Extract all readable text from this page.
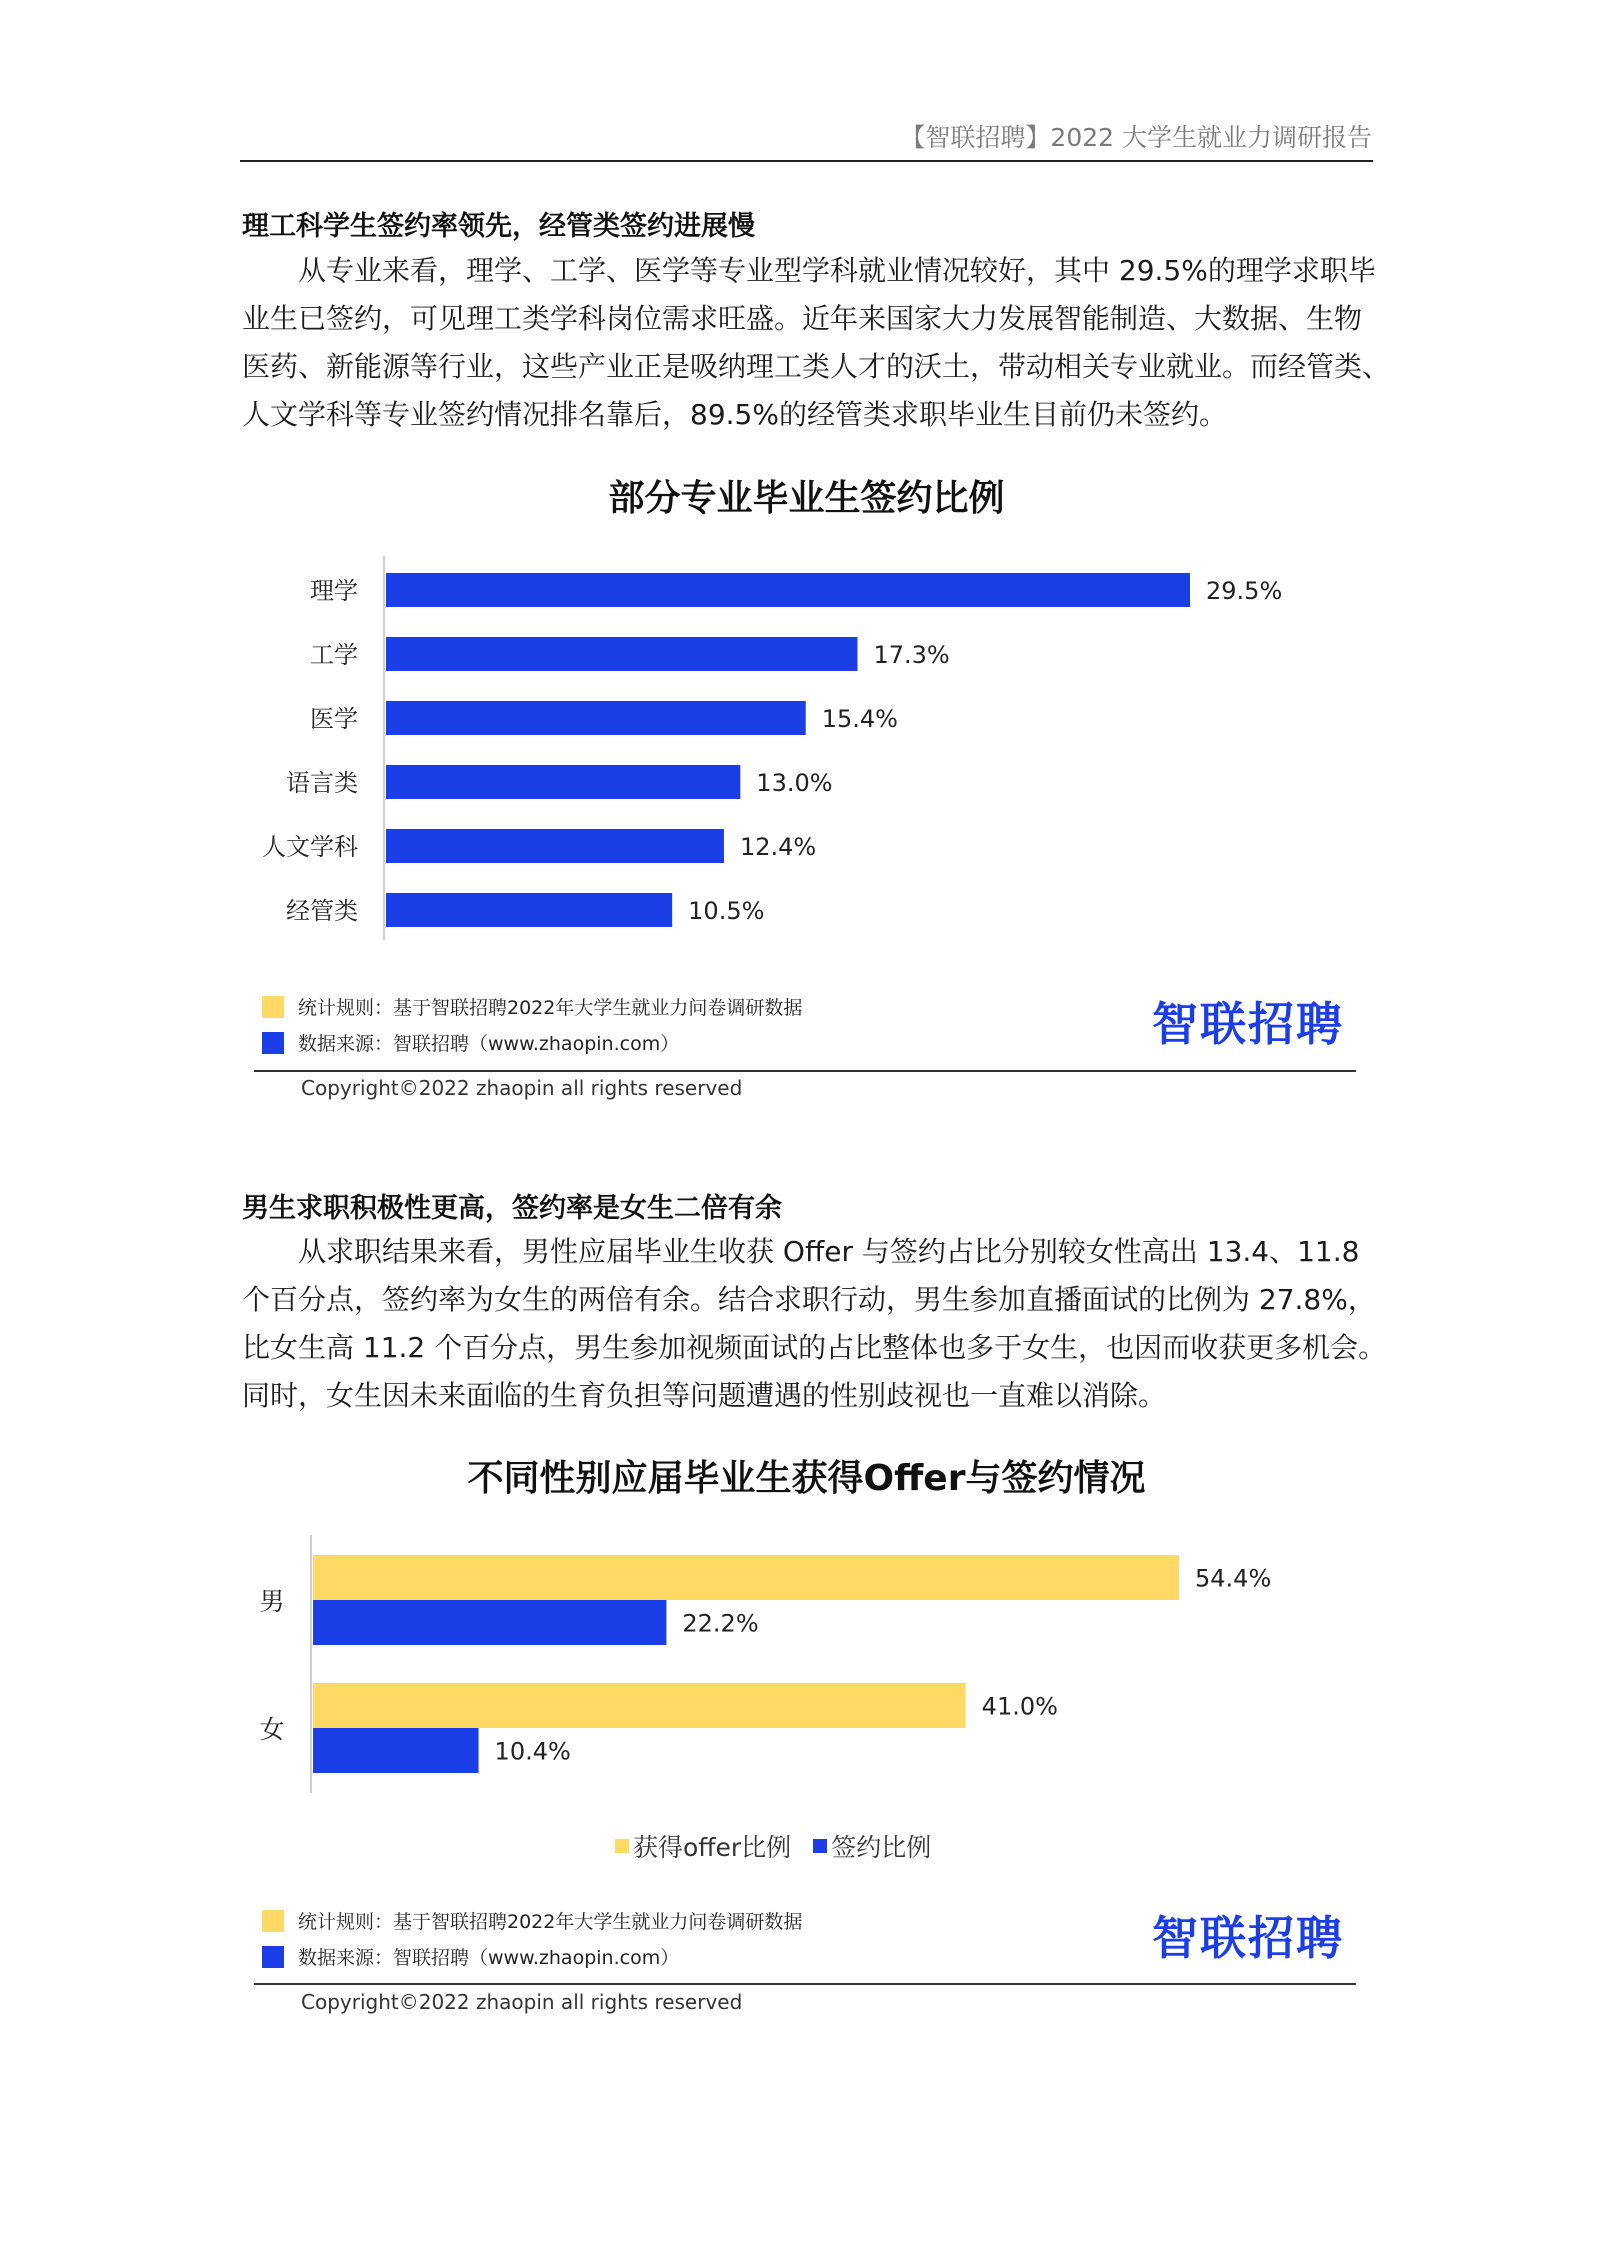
【智联招聘】2022 大学生就业力调研报告
理工科学生签约率领先，经管类签约进展慢
从专业来看，理学、工学、医学等专业型学科就业情况较好，其中 29.5%的理学求职毕
业生已签约，可见理工类学科岗位需求旺盛。近年来国家大力发展智能制造、大数据、生物
医药、新能源等行业，这些产业正是吸纳理工类人才的沃土，带动相关专业就业。而经管类、
人文学科等专业签约情况排名靠后，89.5%的经管类求职毕业生目前仍未签约。
部分专业毕业生签约比例
理学	29.5%
工学	17.3%
医学	15.4%
语言类	13.0%
人文学科	12.4%
经管类	10.5%
统计规则：基于智联招聘2022年大学生就业力问卷调研数据
数据来源：智联招聘（www.zhaopin.com）	智联招聘
Copyright©2022 zhaopin all rights reserved
男生求职积极性更高，签约率是女生二倍有余
从求职结果来看，男性应届毕业生收获 Offer 与签约占比分别较女性高出 13.4、11.8
个百分点，签约率为女生的两倍有余。结合求职行动，男生参加直播面试的比例为 27.8%，
比女生高 11.2 个百分点，男生参加视频面试的占比整体也多于女生，也因而收获更多机会。
同时，女生因未来面临的生育负担等问题遭遇的性别歧视也一直难以消除。
不同性别应届毕业生获得Offer与签约情况
男
54.4%
22.2%
女
41.0%
10.4%
获得offer比例 签约比例
统计规则：基于智联招聘2022年大学生就业力问卷调研数据
数据来源：智联招聘（www.zhaopin.com）	智联招聘
Copyright©2022 zhaopin all rights reserved
